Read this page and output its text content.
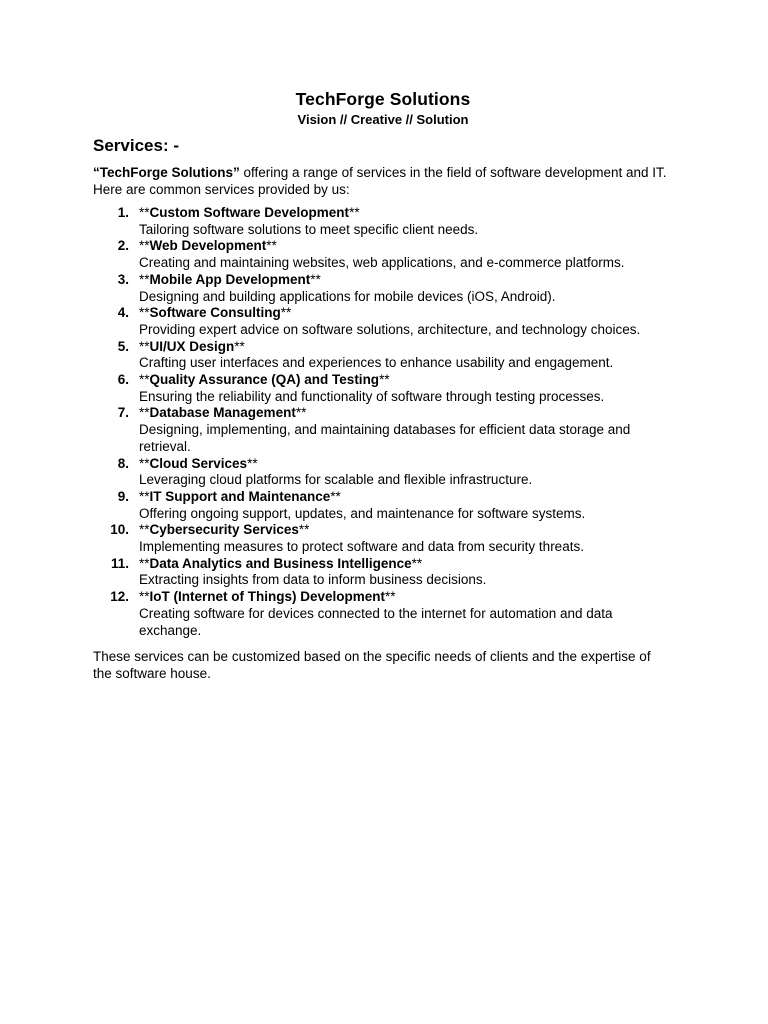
TechForge Solutions
Vision // Creative // Solution
Services: -

“TechForge Solutions” offering a range of services in the field of software development and IT. Here are common services provided by us:

1. **Custom Software Development**
Tailoring software solutions to meet specific client needs.
2. **Web Development**
Creating and maintaining websites, web applications, and e-commerce platforms.
3. **Mobile App Development**
Designing and building applications for mobile devices (iOS, Android).
4. **Software Consulting**
Providing expert advice on software solutions, architecture, and technology choices.
5. **UI/UX Design**
Crafting user interfaces and experiences to enhance usability and engagement.
6. **Quality Assurance (QA) and Testing**
Ensuring the reliability and functionality of software through testing processes.
7. **Database Management**
Designing, implementing, and maintaining databases for efficient data storage and retrieval.
8. **Cloud Services**
Leveraging cloud platforms for scalable and flexible infrastructure.
9. **IT Support and Maintenance**
Offering ongoing support, updates, and maintenance for software systems.
10. **Cybersecurity Services**
Implementing measures to protect software and data from security threats.
11. **Data Analytics and Business Intelligence**
Extracting insights from data to inform business decisions.
12. **IoT (Internet of Things) Development**
Creating software for devices connected to the internet for automation and data exchange.

These services can be customized based on the specific needs of clients and the expertise of the software house.
